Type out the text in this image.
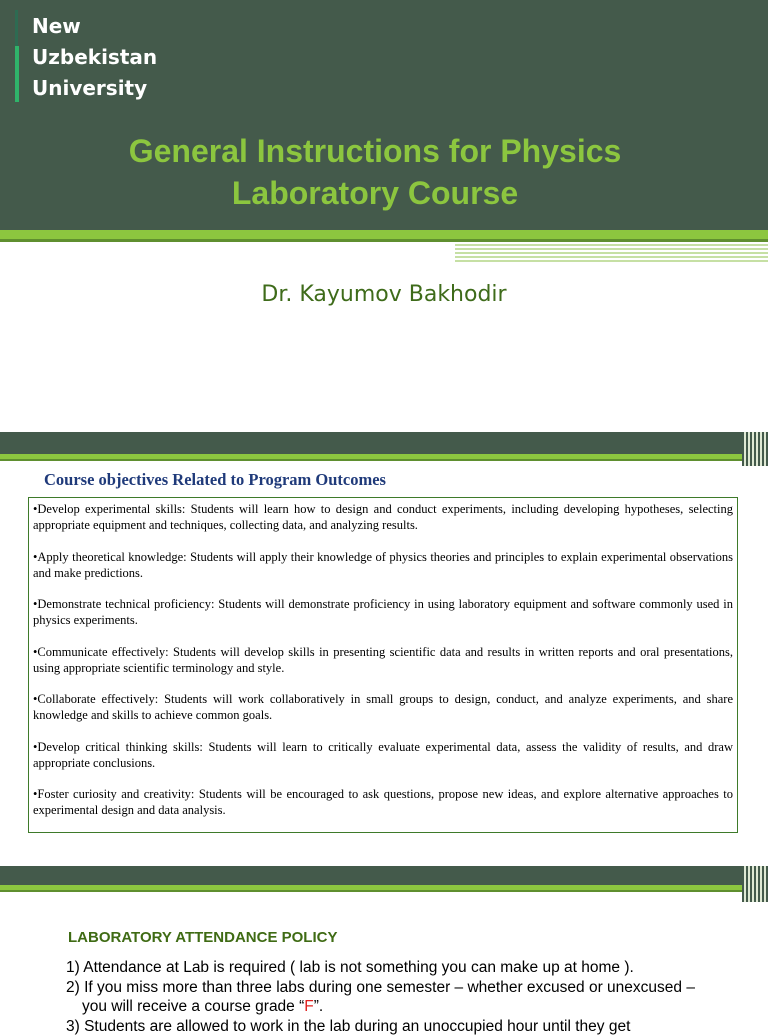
New
Uzbekistan
University
General Instructions for Physics
Laboratory Course
Dr. Kayumov Bakhodir
Course objectives Related to Program Outcomes

•Develop experimental skills: Students will learn how to design and conduct experiments, including developing hypotheses, selecting appropriate equipment and techniques, collecting data, and analyzing results.

•Apply theoretical knowledge: Students will apply their knowledge of physics theories and principles to explain experimental observations and make predictions.

•Demonstrate technical proficiency: Students will demonstrate proficiency in using laboratory equipment and software commonly used in physics experiments.

•Communicate effectively: Students will develop skills in presenting scientific data and results in written reports and oral presentations, using appropriate scientific terminology and style.

•Collaborate effectively: Students will work collaboratively in small groups to design, conduct, and analyze experiments, and share knowledge and skills to achieve common goals.

•Develop critical thinking skills: Students will learn to critically evaluate experimental data, assess the validity of results, and draw appropriate conclusions.

•Foster curiosity and creativity: Students will be encouraged to ask questions, propose new ideas, and explore alternative approaches to experimental design and data analysis.

LABORATORY ATTENDANCE POLICY

1) Attendance at Lab is required ( lab is not something you can make up at home ).

2) If you miss more than three labs during one semester – whether excused or unexcused –
you will receive a course grade “F”.

3) Students are allowed to work in the lab during an unoccupied hour until they get
